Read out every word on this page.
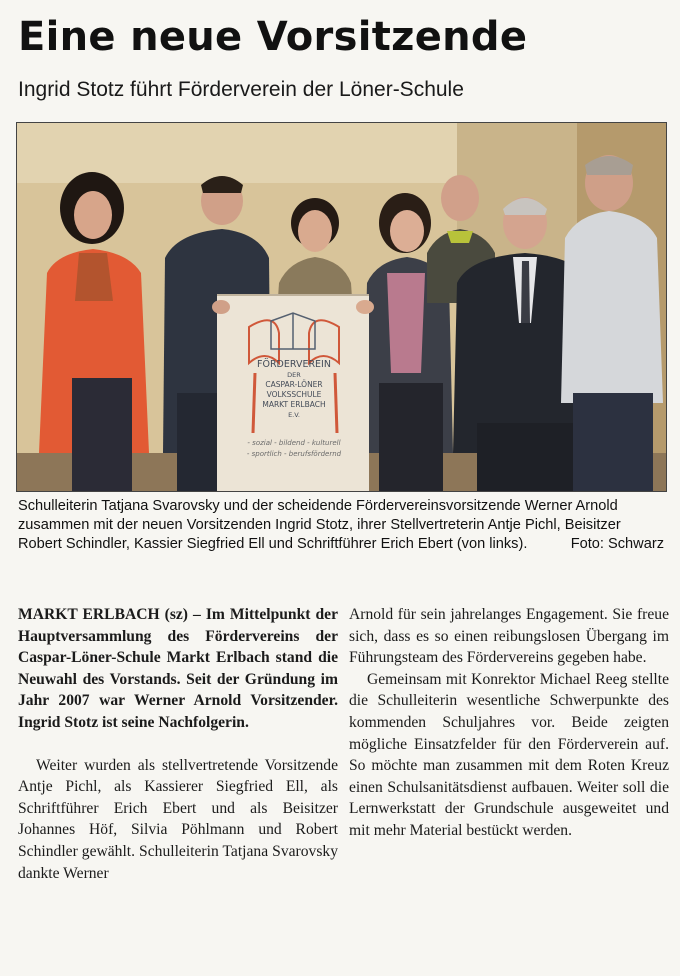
Eine neue Vorsitzende

Ingrid Stotz führt Förderverein der Löner-Schule

FÖRDERVEREIN
DER
CASPAR-LÖNER
VOLKSSCHULE
MARKT ERLBACH
E.V.
- sozial - bildend - kulturell
- sportlich - berufsfördernd

Schulleiterin Tatjana Svarovsky und der scheidende Fördervereinsvorsitzende Werner Arnold zusammen mit der neuen Vorsitzenden Ingrid Stotz, ihrer Stellvertreterin Antje Pichl, Beisitzer Robert Schindler, Kassier Siegfried Ell und Schriftführer Erich Ebert (von links).	Foto: Schwarz

MARKT ERLBACH (sz) – Im Mittelpunkt der Hauptversammlung des Fördervereins der Caspar-Löner-Schule Markt Erlbach stand die Neuwahl des Vorstands. Seit der Gründung im Jahr 2007 war Werner Arnold Vorsitzender. Ingrid Stotz ist seine Nachfolgerin.

Weiter wurden als stellvertretende Vorsitzende Antje Pichl, als Kassierer Siegfried Ell, als Schriftführer Erich Ebert und als Beisitzer Johannes Höf, Silvia Pöhlmann und Robert Schindler gewählt. Schulleiterin Tatjana Svarovsky dankte Werner

Arnold für sein jahrelanges Engagement. Sie freue sich, dass es so einen reibungslosen Übergang im Führungsteam des Fördervereins gegeben habe.

Gemeinsam mit Konrektor Michael Reeg stellte die Schulleiterin wesentliche Schwerpunkte des kommenden Schuljahres vor. Beide zeigten mögliche Einsatzfelder für den Förderverein auf. So möchte man zusammen mit dem Roten Kreuz einen Schulsanitätsdienst aufbauen. Weiter soll die Lernwerkstatt der Grundschule ausgeweitet und mit mehr Material bestückt werden.
